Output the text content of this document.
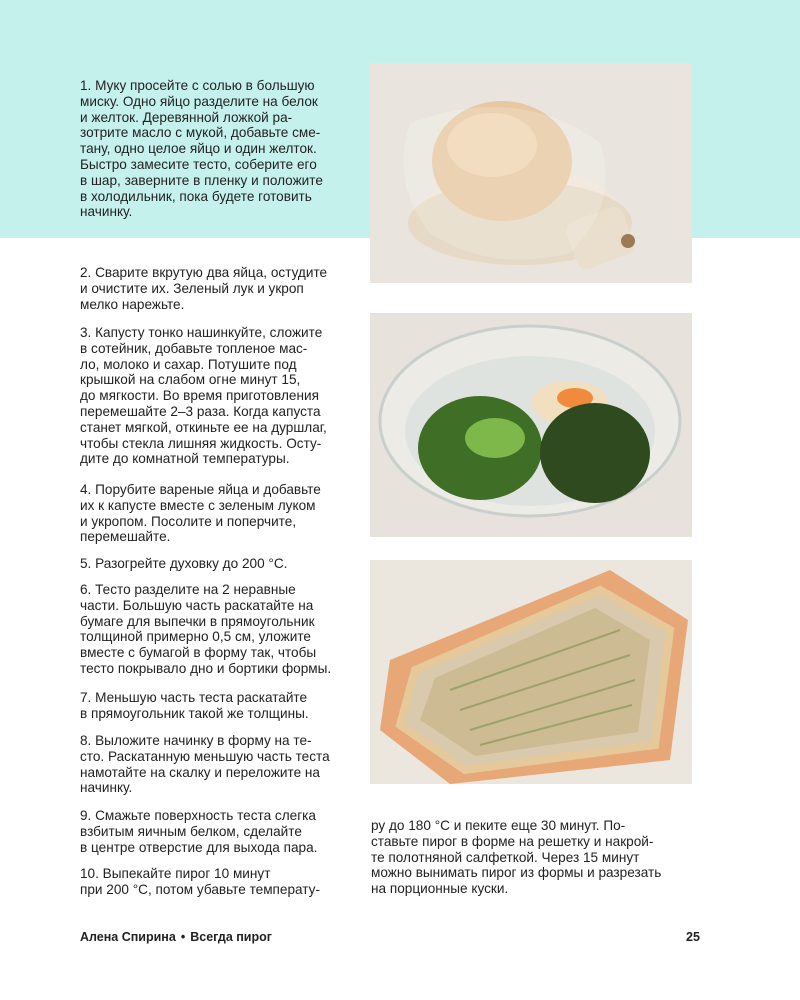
1. Муку просейте с солью в большую
миску. Одно яйцо разделите на белок
и желток. Деревянной ложкой ра-
зотрите масло с мукой, добавьте сме-
тану, одно целое яйцо и один желток.
Быстро замесите тесто, соберите его
в шар, заверните в пленку и положите
в холодильник, пока будете готовить
начинку.

2. Сварите вкрутую два яйца, остудите
и очистите их. Зеленый лук и укроп
мелко нарежьте.

3. Капусту тонко нашинкуйте, сложите
в сотейник, добавьте топленое мас-
ло, молоко и сахар. Потушите под
крышкой на слабом огне минут 15,
до мягкости. Во время приготовления
перемешайте 2–3 раза. Когда капуста
станет мягкой, откиньте ее на дуршлаг,
чтобы стекла лишняя жидкость. Осту-
дите до комнатной температуры.

4. Порубите вареные яйца и добавьте
их к капусте вместе с зеленым луком
и укропом. Посолите и поперчите,
перемешайте.

5. Разогрейте духовку до 200 °С.

6. Тесто разделите на 2 неравные
части. Большую часть раскатайте на
бумаге для выпечки в прямоугольник
толщиной примерно 0,5 см, уложите
вместе с бумагой в форму так, чтобы
тесто покрывало дно и бортики формы.

7. Меньшую часть теста раскатайте
в прямоугольник такой же толщины.

8. Выложите начинку в форму на те-
сто. Раскатанную меньшую часть теста
намотайте на скалку и переложите на
начинку.

9. Смажьте поверхность теста слегка
взбитым яичным белком, сделайте
в центре отверстие для выхода пара.

10. Выпекайте пирог 10 минут
при 200 °С, потом убавьте температу-

ру до 180 °С и пеките еще 30 минут. По-
ставьте пирог в форме на решетку и накрой-
те полотняной салфеткой. Через 15 минут
можно вынимать пирог из формы и разрезать
на порционные куски.

Алена Спирина • Всегда пирог	25
